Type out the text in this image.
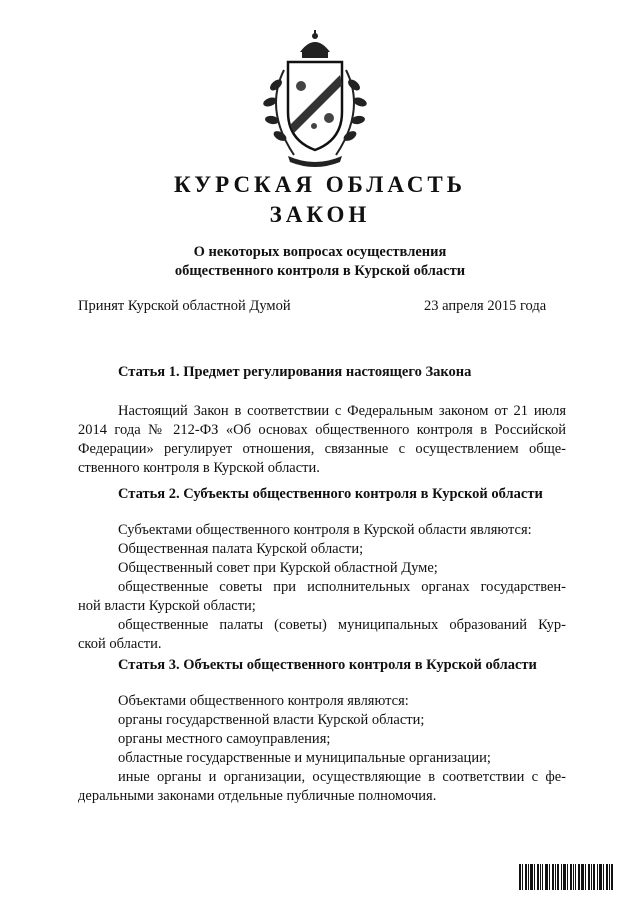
КУРСКАЯ ОБЛАСТЬ
ЗАКОН
О некоторых вопросах осуществления
общественного контроля в Курской области
Принят Курской областной Думой	23 апреля 2015 года
Статья 1. Предмет регулирования настоящего Закона
Настоящий Закон в соответствии с Федеральным законом от 21 июля
2014 года № 212-ФЗ «Об основах общественного контроля в Российской
Федерации» регулирует отношения, связанные с осуществлением обще-
ственного контроля в Курской области.
Статья 2. Субъекты общественного контроля в Курской области
Субъектами общественного контроля в Курской области являются:
Общественная палата Курской области;
Общественный совет при Курской областной Думе;
общественные советы при исполнительных органах государствен-
ной власти Курской области;
общественные палаты (советы) муниципальных образований Кур-
ской области.
Статья 3. Объекты общественного контроля в Курской области
Объектами общественного контроля являются:
органы государственной власти Курской области;
органы местного самоуправления;
областные государственные и муниципальные организации;
иные органы и организации, осуществляющие в соответствии с фе-
деральными законами отдельные публичные полномочия.
